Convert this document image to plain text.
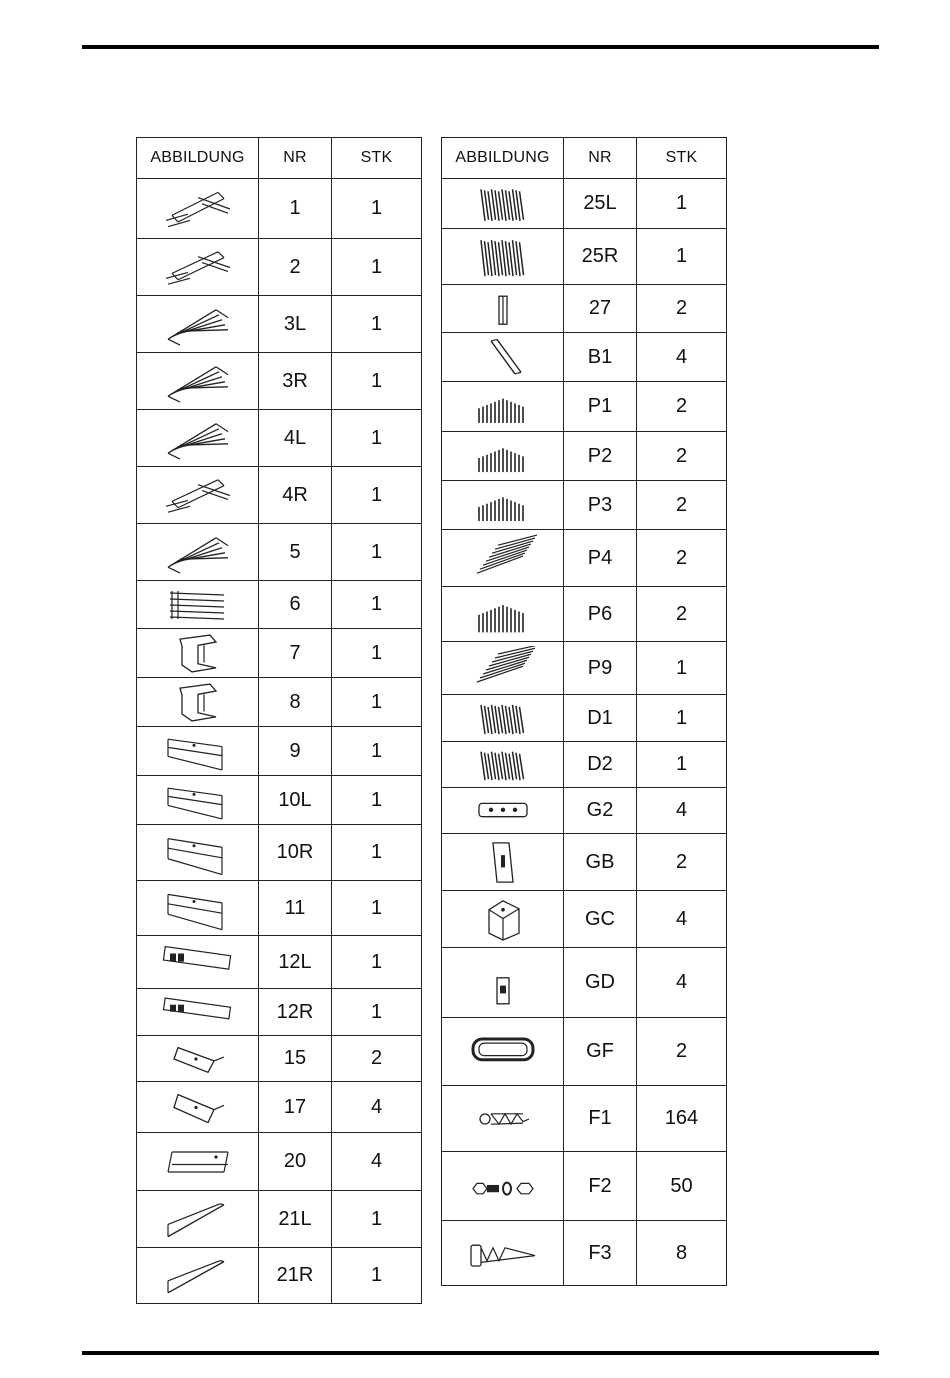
ABBILDUNG	NR	STK

	1	1

	2	1

	3L	1

	3R	1

	4L	1

	4R	1

	5	1

	6	1

	7	1

	8	1

	9	1

	10L	1

	10R	1

	11	1

	12L	1

	12R	1

	15	2

	17	4

	20	4

	21L	1

	21R	1
ABBILDUNG	NR	STK

	25L	1

	25R	1

	27	2

	B1	4

	P1	2

	P2	2

	P3	2

	P4	2

	P6	2

	P9	1

	D1	1

	D2	1

	G2	4

	GB	2

	GC	4

	GD	4

	GF	2

	F1	164

	F2	50

	F3	8
